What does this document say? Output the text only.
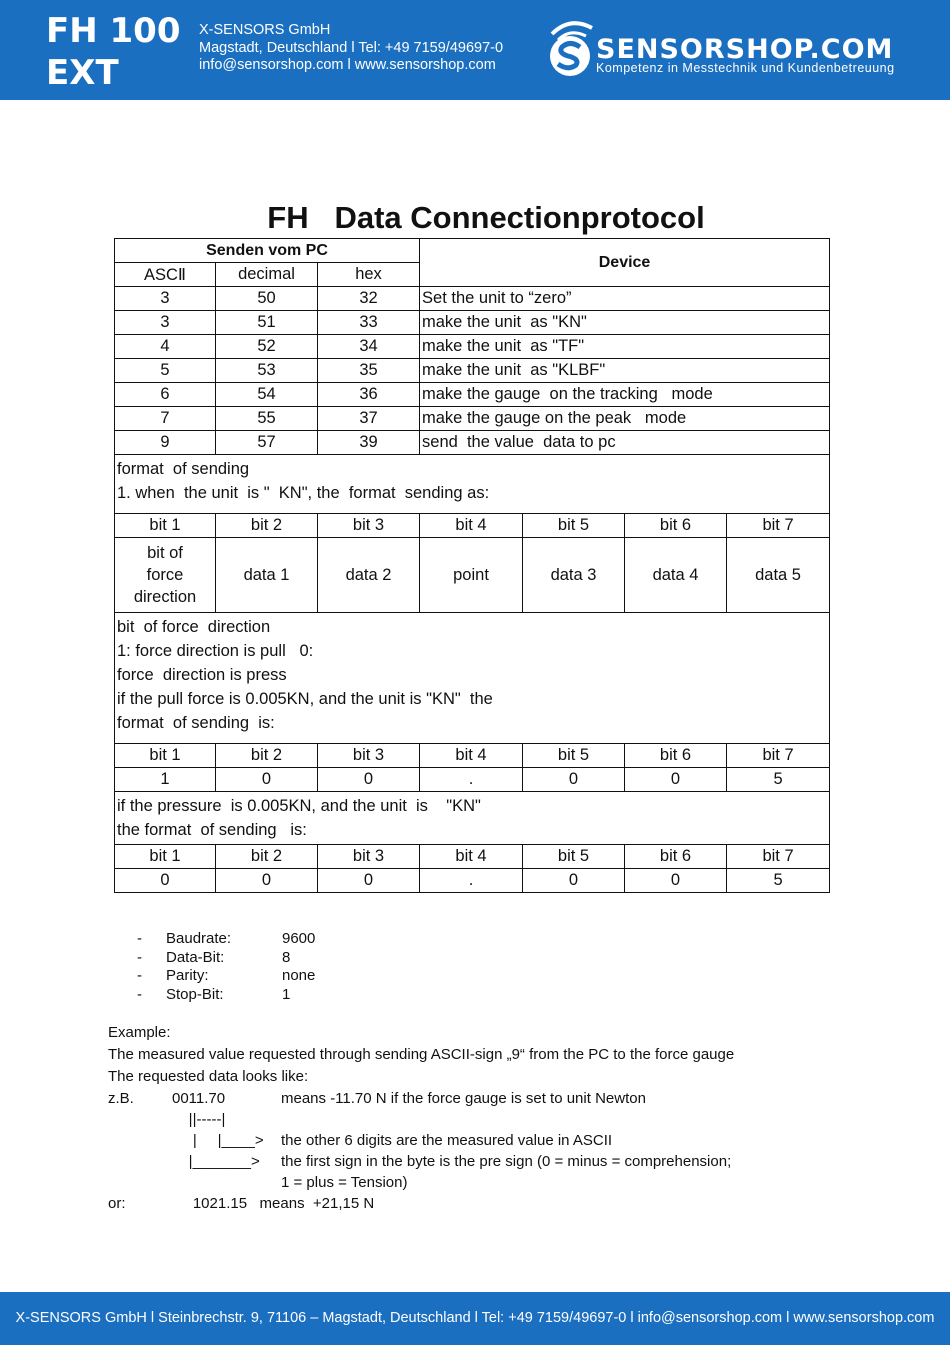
FH 100
EXT
X-SENSORS GmbH
Magstadt, Deutschland l Tel: +49 7159/49697-0
info@sensorshop.com l www.sensorshop.com	SENSORSHOP.COM
Kompetenz in Messtechnik und Kundenbetreuung
FH   Data Connectionprotocol
Senden vom PC			Device			
ASCⅡ	decimal	hex				
3	50	32	Set the unit to “zero”			
3	51	33	make the unit  as "KN"			
4	52	34	make the unit  as "TF"			
5	53	35	make the unit  as "KLBF"			
6	54	36	make the gauge  on the tracking   mode			
7	55	37	make the gauge on the peak   mode			
9	57	39	send  the value  data to pc			
format  of sending
1. when  the unit  is "  KN", the  format  sending as:						
bit 1	bit 2	bit 3	bit 4	bit 5	bit 6	bit 7
bit of
force
direction	data 1	data 2	point	data 3	data 4	data 5
bit  of force  direction
1: force direction is pull   0:
force  direction is press
if the pull force is 0.005KN, and the unit is "KN"  the
format  of sending  is:						
bit 1	bit 2	bit 3	bit 4	bit 5	bit 6	bit 7
1	0	0	.	0	0	5
if the pressure  is 0.005KN, and the unit  is    "KN"
the format  of sending   is:						
bit 1	bit 2	bit 3	bit 4	bit 5	bit 6	bit 7
0	0	0	.	0	0	5
-	Baudrate:	9600
-	Data-Bit:	8
-	Parity:	none
-	Stop-Bit:	1
Example:
The measured value requested through sending ASCII-sign „9“ from the PC to the force gauge
The requested data looks like:
z.B.	0011.70	means -11.70 N if the force gauge is set to unit Newton
||-----|
|     |____> the other 6 digits are the measured value in ASCII
|_______> the first sign in the byte is the pre sign (0 = minus = comprehension;
1 = plus = Tension)
or:	1021.15   means  +21,15 N
X-SENSORS GmbH l Steinbrechstr. 9, 71106 – Magstadt, Deutschland l Tel: +49 7159/49697-0 l info@sensorshop.com l www.sensorshop.com
